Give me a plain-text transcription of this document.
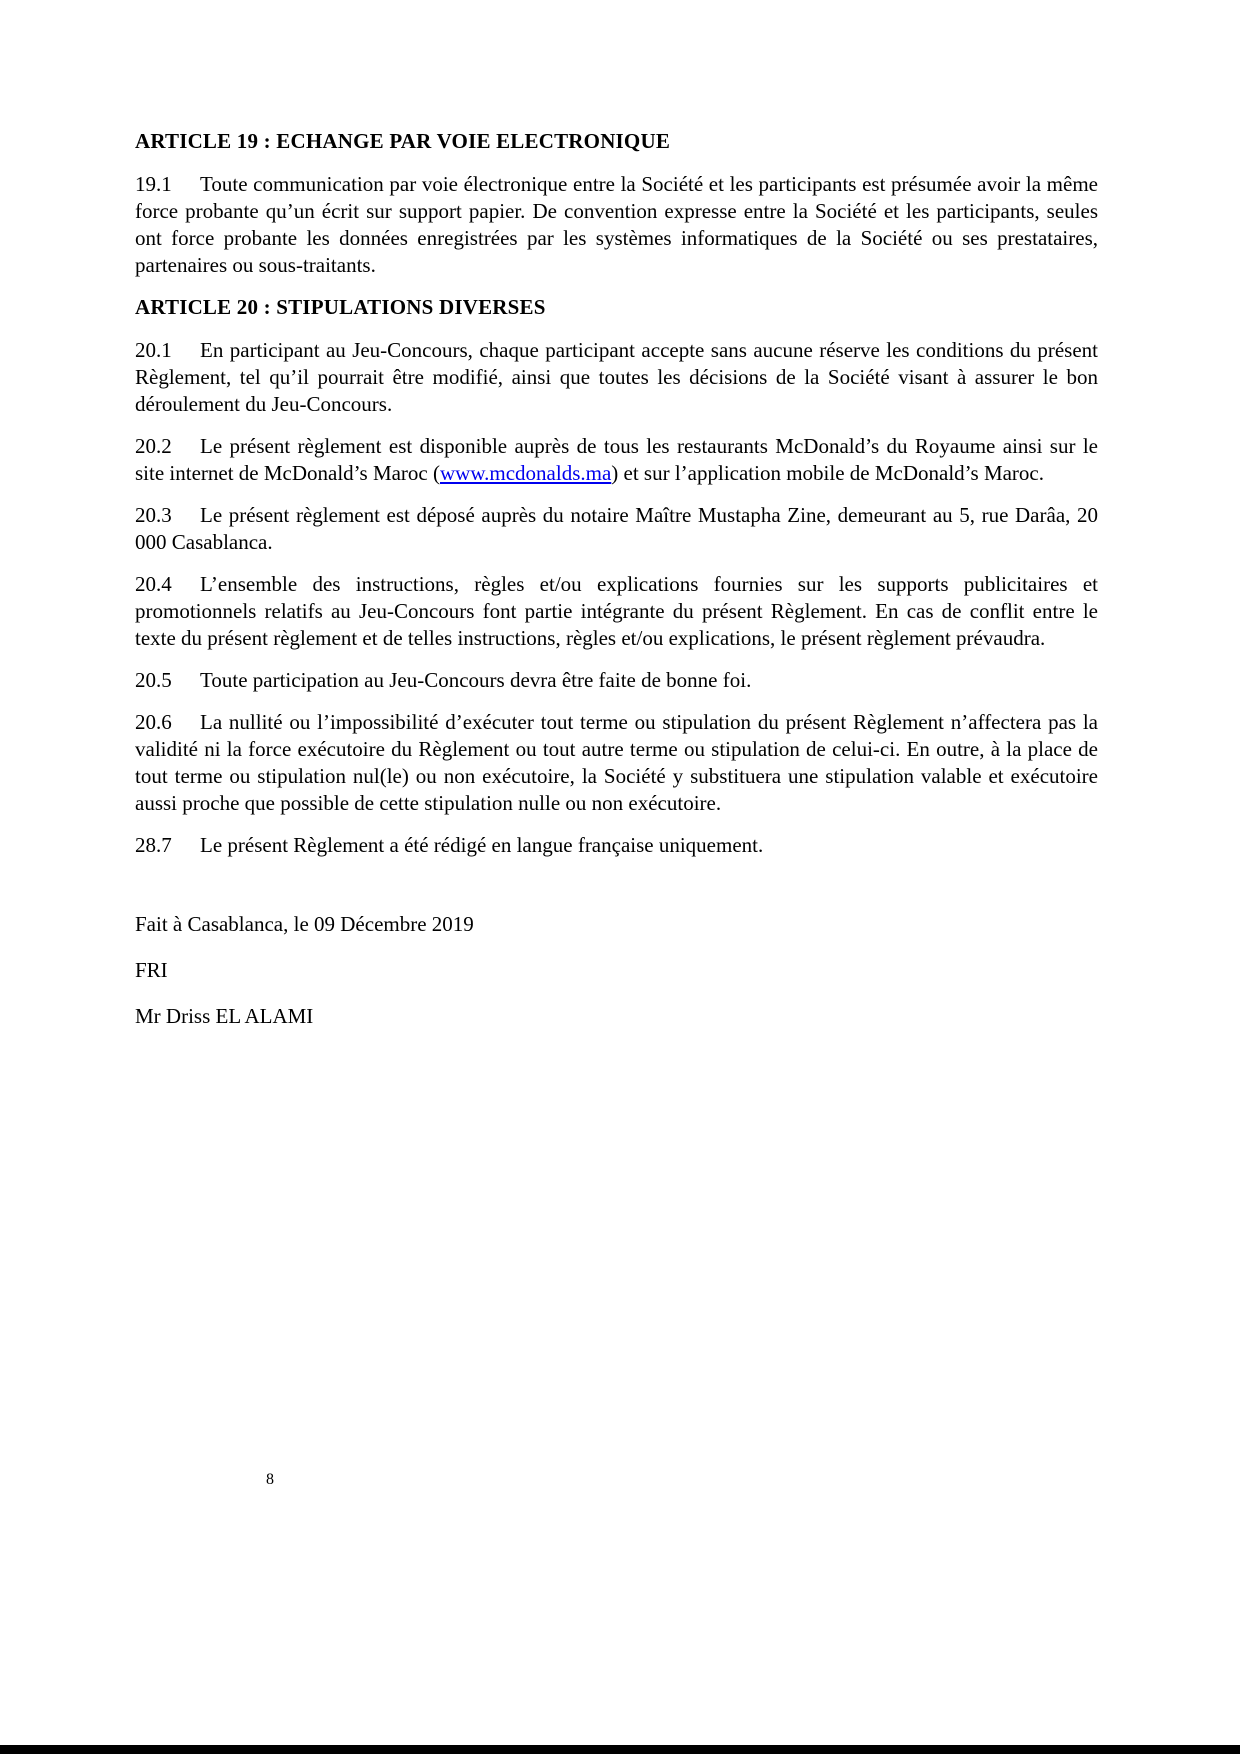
ARTICLE 19 : ECHANGE PAR VOIE ELECTRONIQUE

19.1 Toute communication par voie électronique entre la Société et les participants est présumée avoir la même force probante qu’un écrit sur support papier. De convention expresse entre la Société et les participants, seules ont force probante les données enregistrées par les systèmes informatiques de la Société ou ses prestataires, partenaires ou sous-traitants.

ARTICLE 20 : STIPULATIONS DIVERSES

20.1 En participant au Jeu-Concours, chaque participant accepte sans aucune réserve les conditions du présent Règlement, tel qu’il pourrait être modifié, ainsi que toutes les décisions de la Société visant à assurer le bon déroulement du Jeu-Concours.

20.2 Le présent règlement est disponible auprès de tous les restaurants McDonald’s du Royaume ainsi sur le site internet de McDonald’s Maroc (www.mcdonalds.ma) et sur l’application mobile de McDonald’s Maroc.

20.3 Le présent règlement est déposé auprès du notaire Maître Mustapha Zine, demeurant au 5, rue Darâa, 20 000 Casablanca.

20.4 L’ensemble des instructions, règles et/ou explications fournies sur les supports publicitaires et promotionnels relatifs au Jeu-Concours font partie intégrante du présent Règlement. En cas de conflit entre le texte du présent règlement et de telles instructions, règles et/ou explications, le présent règlement prévaudra.

20.5 Toute participation au Jeu-Concours devra être faite de bonne foi.

20.6 La nullité ou l’impossibilité d’exécuter tout terme ou stipulation du présent Règlement n’affectera pas la validité ni la force exécutoire du Règlement ou tout autre terme ou stipulation de celui-ci. En outre, à la place de tout terme ou stipulation nul(le) ou non exécutoire, la Société y substituera une stipulation valable et exécutoire aussi proche que possible de cette stipulation nulle ou non exécutoire.

28.7 Le présent Règlement a été rédigé en langue française uniquement.

Fait à Casablanca, le 09 Décembre 2019

FRI

Mr Driss EL ALAMI

8
